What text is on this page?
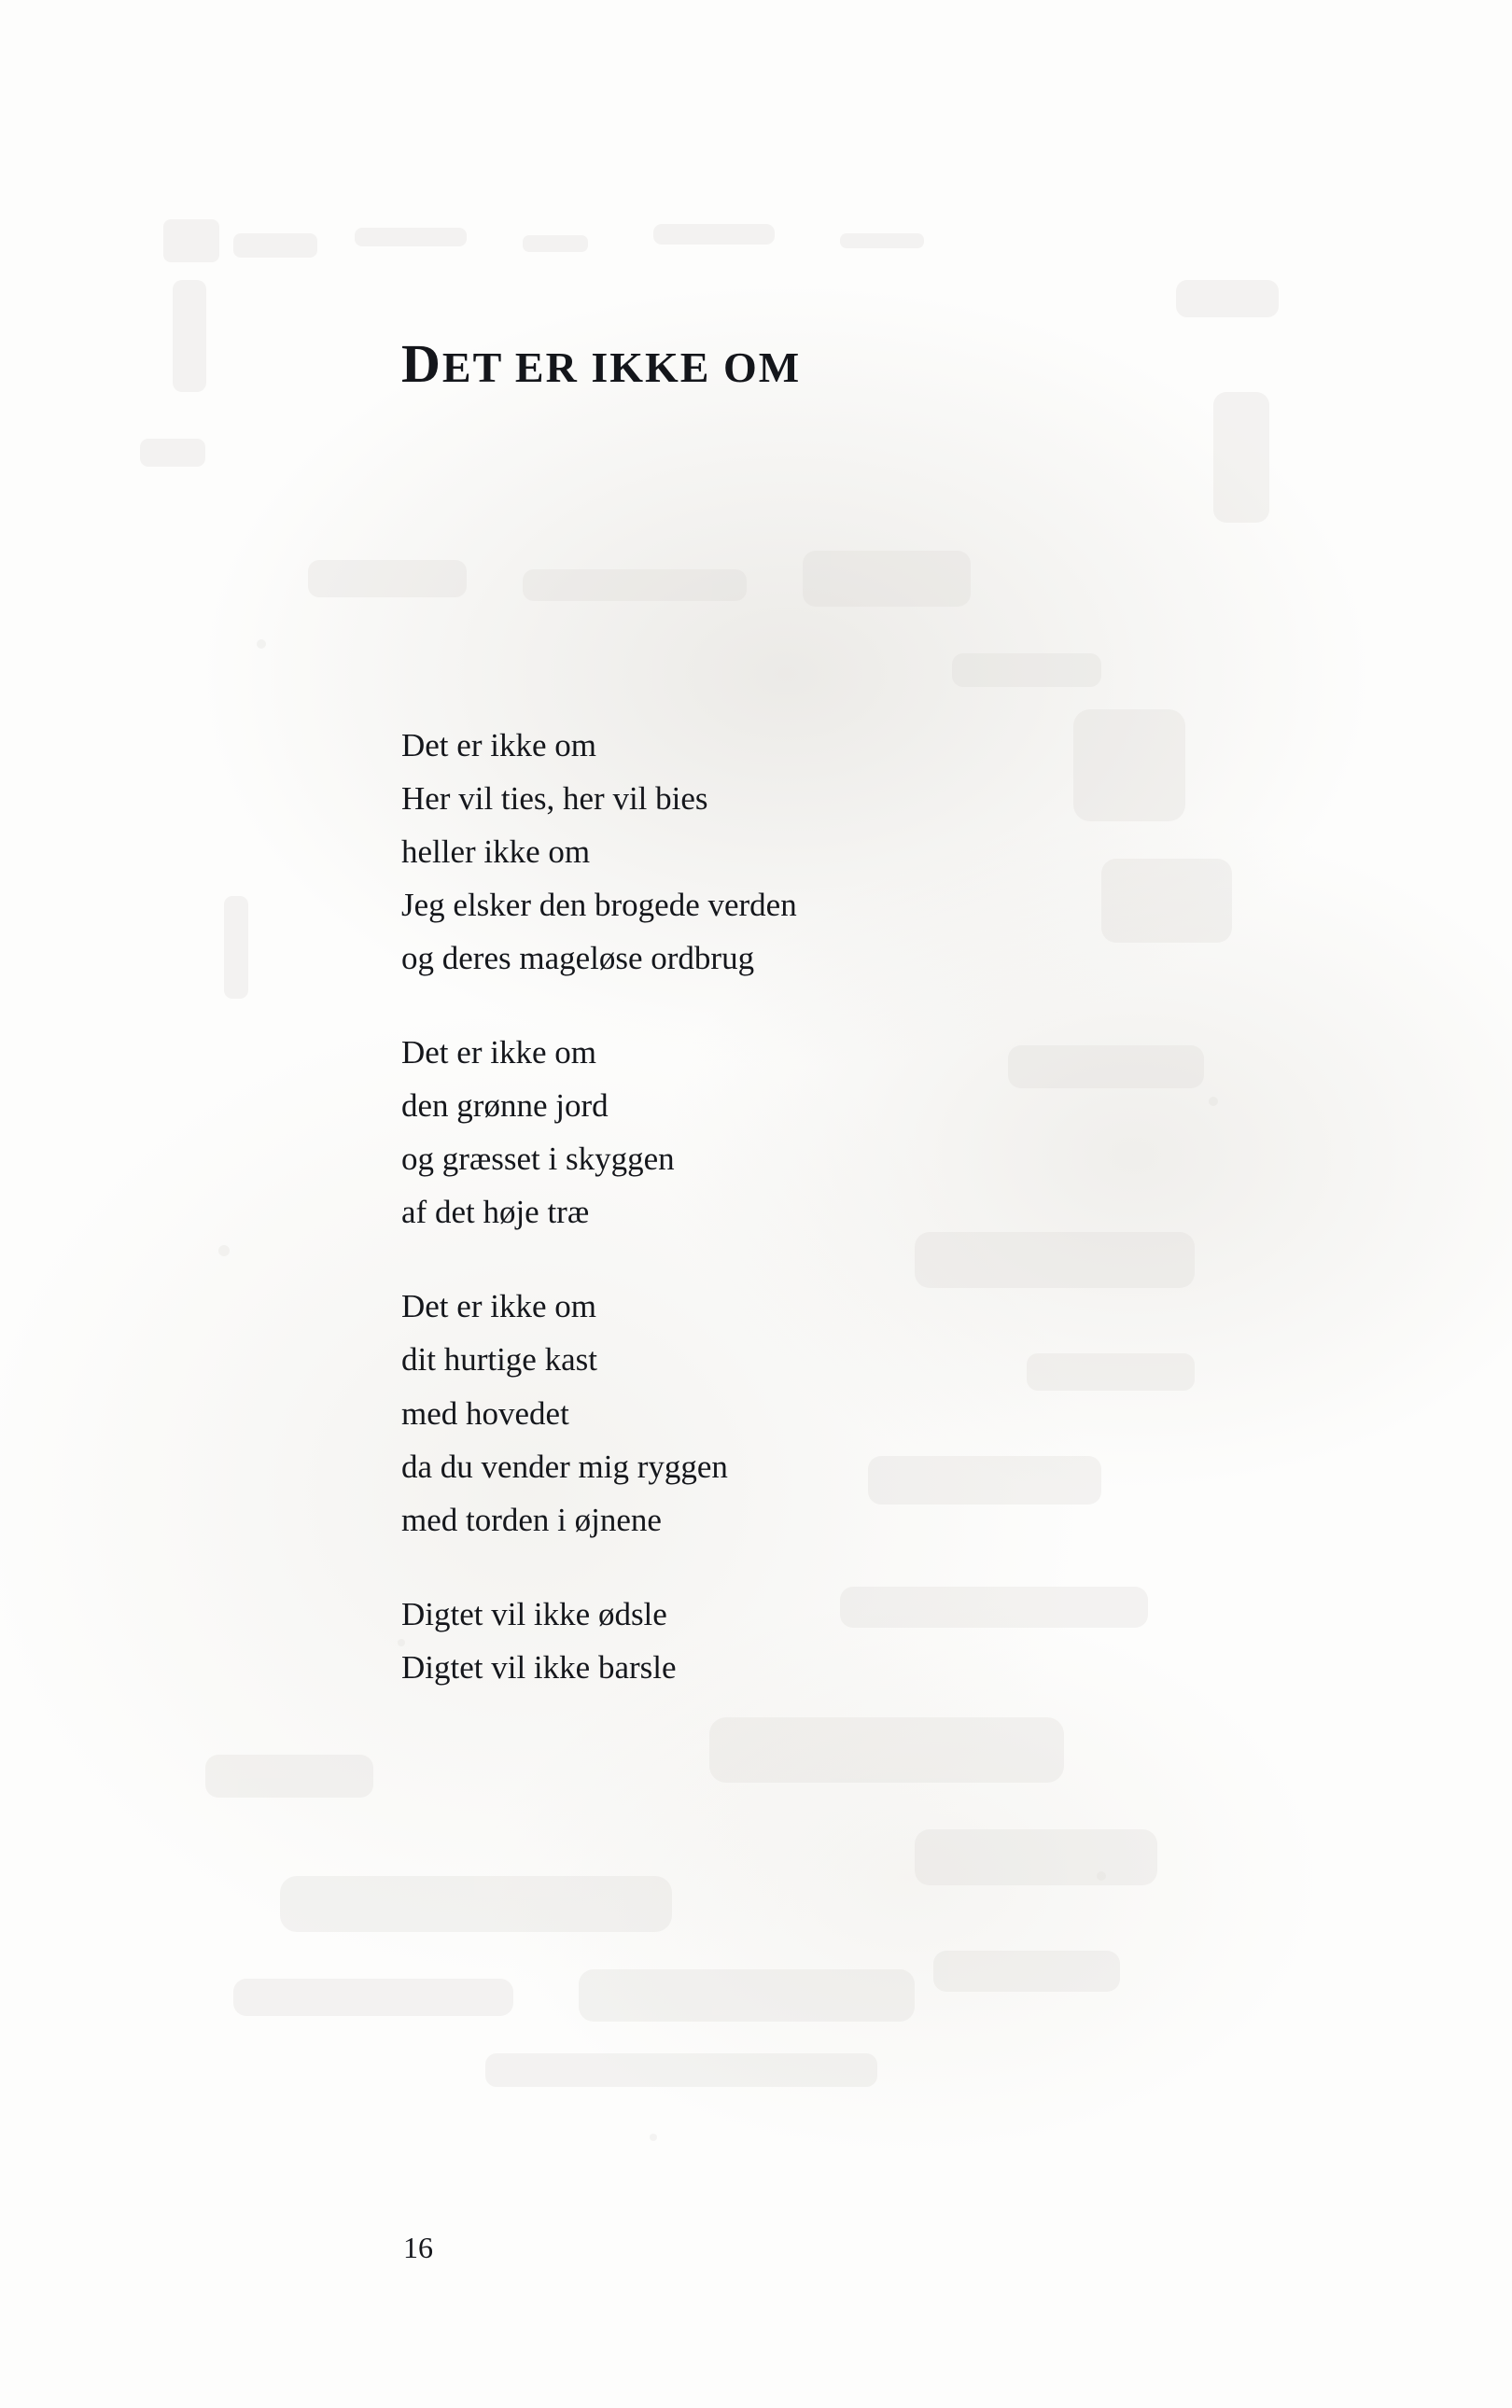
DET ER IKKE OM
Det er ikke om
Her vil ties, her vil bies
heller ikke om
Jeg elsker den brogede verden
og deres mageløse ordbrug
Det er ikke om
den grønne jord
og græsset i skyggen
af det høje træ
Det er ikke om
dit hurtige kast
med hovedet
da du vender mig ryggen
med torden i øjnene
Digtet vil ikke ødsle
Digtet vil ikke barsle
16
